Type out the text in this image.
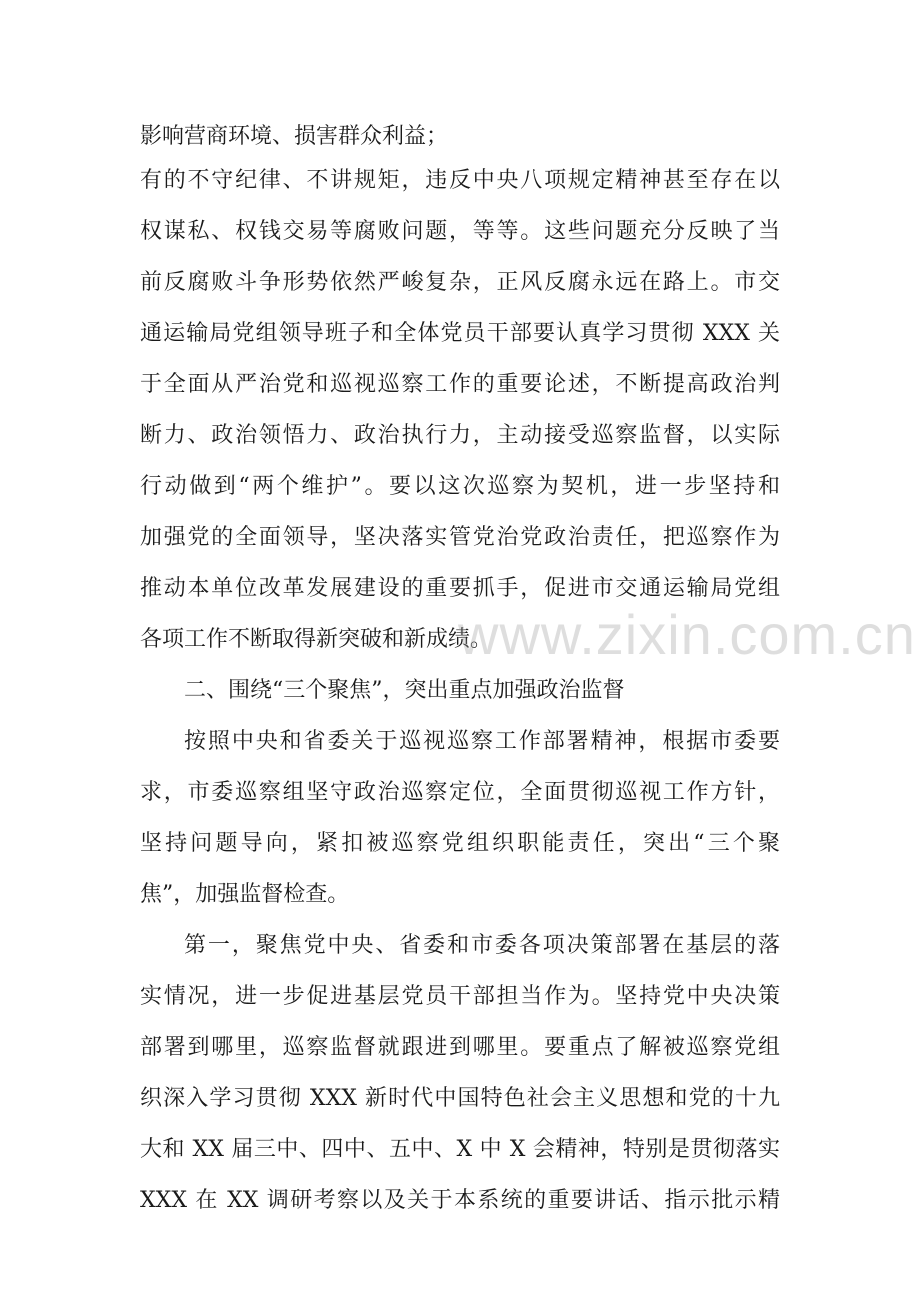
影响营商环境、损害群众利益；
有的不守纪律、不讲规矩，违反中央八项规定精神甚至存在以
权谋私、权钱交易等腐败问题，等等。这些问题充分反映了当
前反腐败斗争形势依然严峻复杂，正风反腐永远在路上。市交
通运输局党组领导班子和全体党员干部要认真学习贯彻 XXX 关
于全面从严治党和巡视巡察工作的重要论述，不断提高政治判
断力、政治领悟力、政治执行力，主动接受巡察监督，以实际
行动做到“两个维护”。要以这次巡察为契机，进一步坚持和
加强党的全面领导，坚决落实管党治党政治责任，把巡察作为
推动本单位改革发展建设的重要抓手，促进市交通运输局党组
各项工作不断取得新突破和新成绩。
二、围绕“三个聚焦”，突出重点加强政治监督
按照中央和省委关于巡视巡察工作部署精神，根据市委要
求，市委巡察组坚守政治巡察定位，全面贯彻巡视工作方针，
坚持问题导向，紧扣被巡察党组织职能责任，突出“三个聚
焦”，加强监督检查。
第一，聚焦党中央、省委和市委各项决策部署在基层的落
实情况，进一步促进基层党员干部担当作为。坚持党中央决策
部署到哪里，巡察监督就跟进到哪里。要重点了解被巡察党组
织深入学习贯彻 XXX 新时代中国特色社会主义思想和党的十九
大和 XX 届三中、四中、五中、X 中 X 会精神，特别是贯彻落实
XXX 在 XX 调研考察以及关于本系统的重要讲话、指示批示精
www.zixin.com.cn
